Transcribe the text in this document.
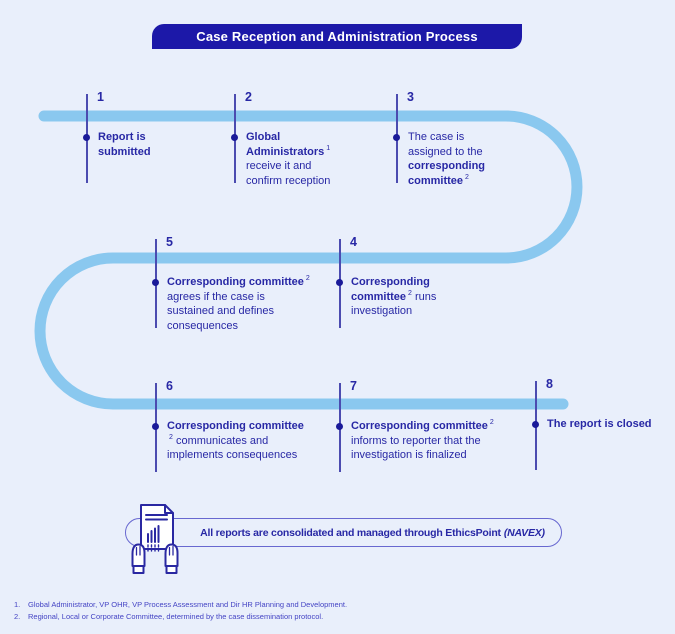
Case Reception and Administration Process
1
Report is
submitted
2
Global
Administrators $^1$
receive it and
confirm reception
3
The case is
assigned to the
corresponding
committee $^2$
4
Corresponding
committee $^2$ runs
investigation
5
Corresponding committee $^2$
agrees if the case is
sustained and defines
consequences
6
Corresponding committee
$^2$ communicates and
implements consequences
7
Corresponding committee $^2$
informs to reporter that the
investigation is finalized
8
The report is closed
All reports are consolidated and managed through EthicsPoint (NAVEX)
1.	Global Administrator, VP OHR, VP Process Assessment and Dir HR Planning and Development.
2.	Regional, Local or Corporate Committee, determined by the case dissemination protocol.
